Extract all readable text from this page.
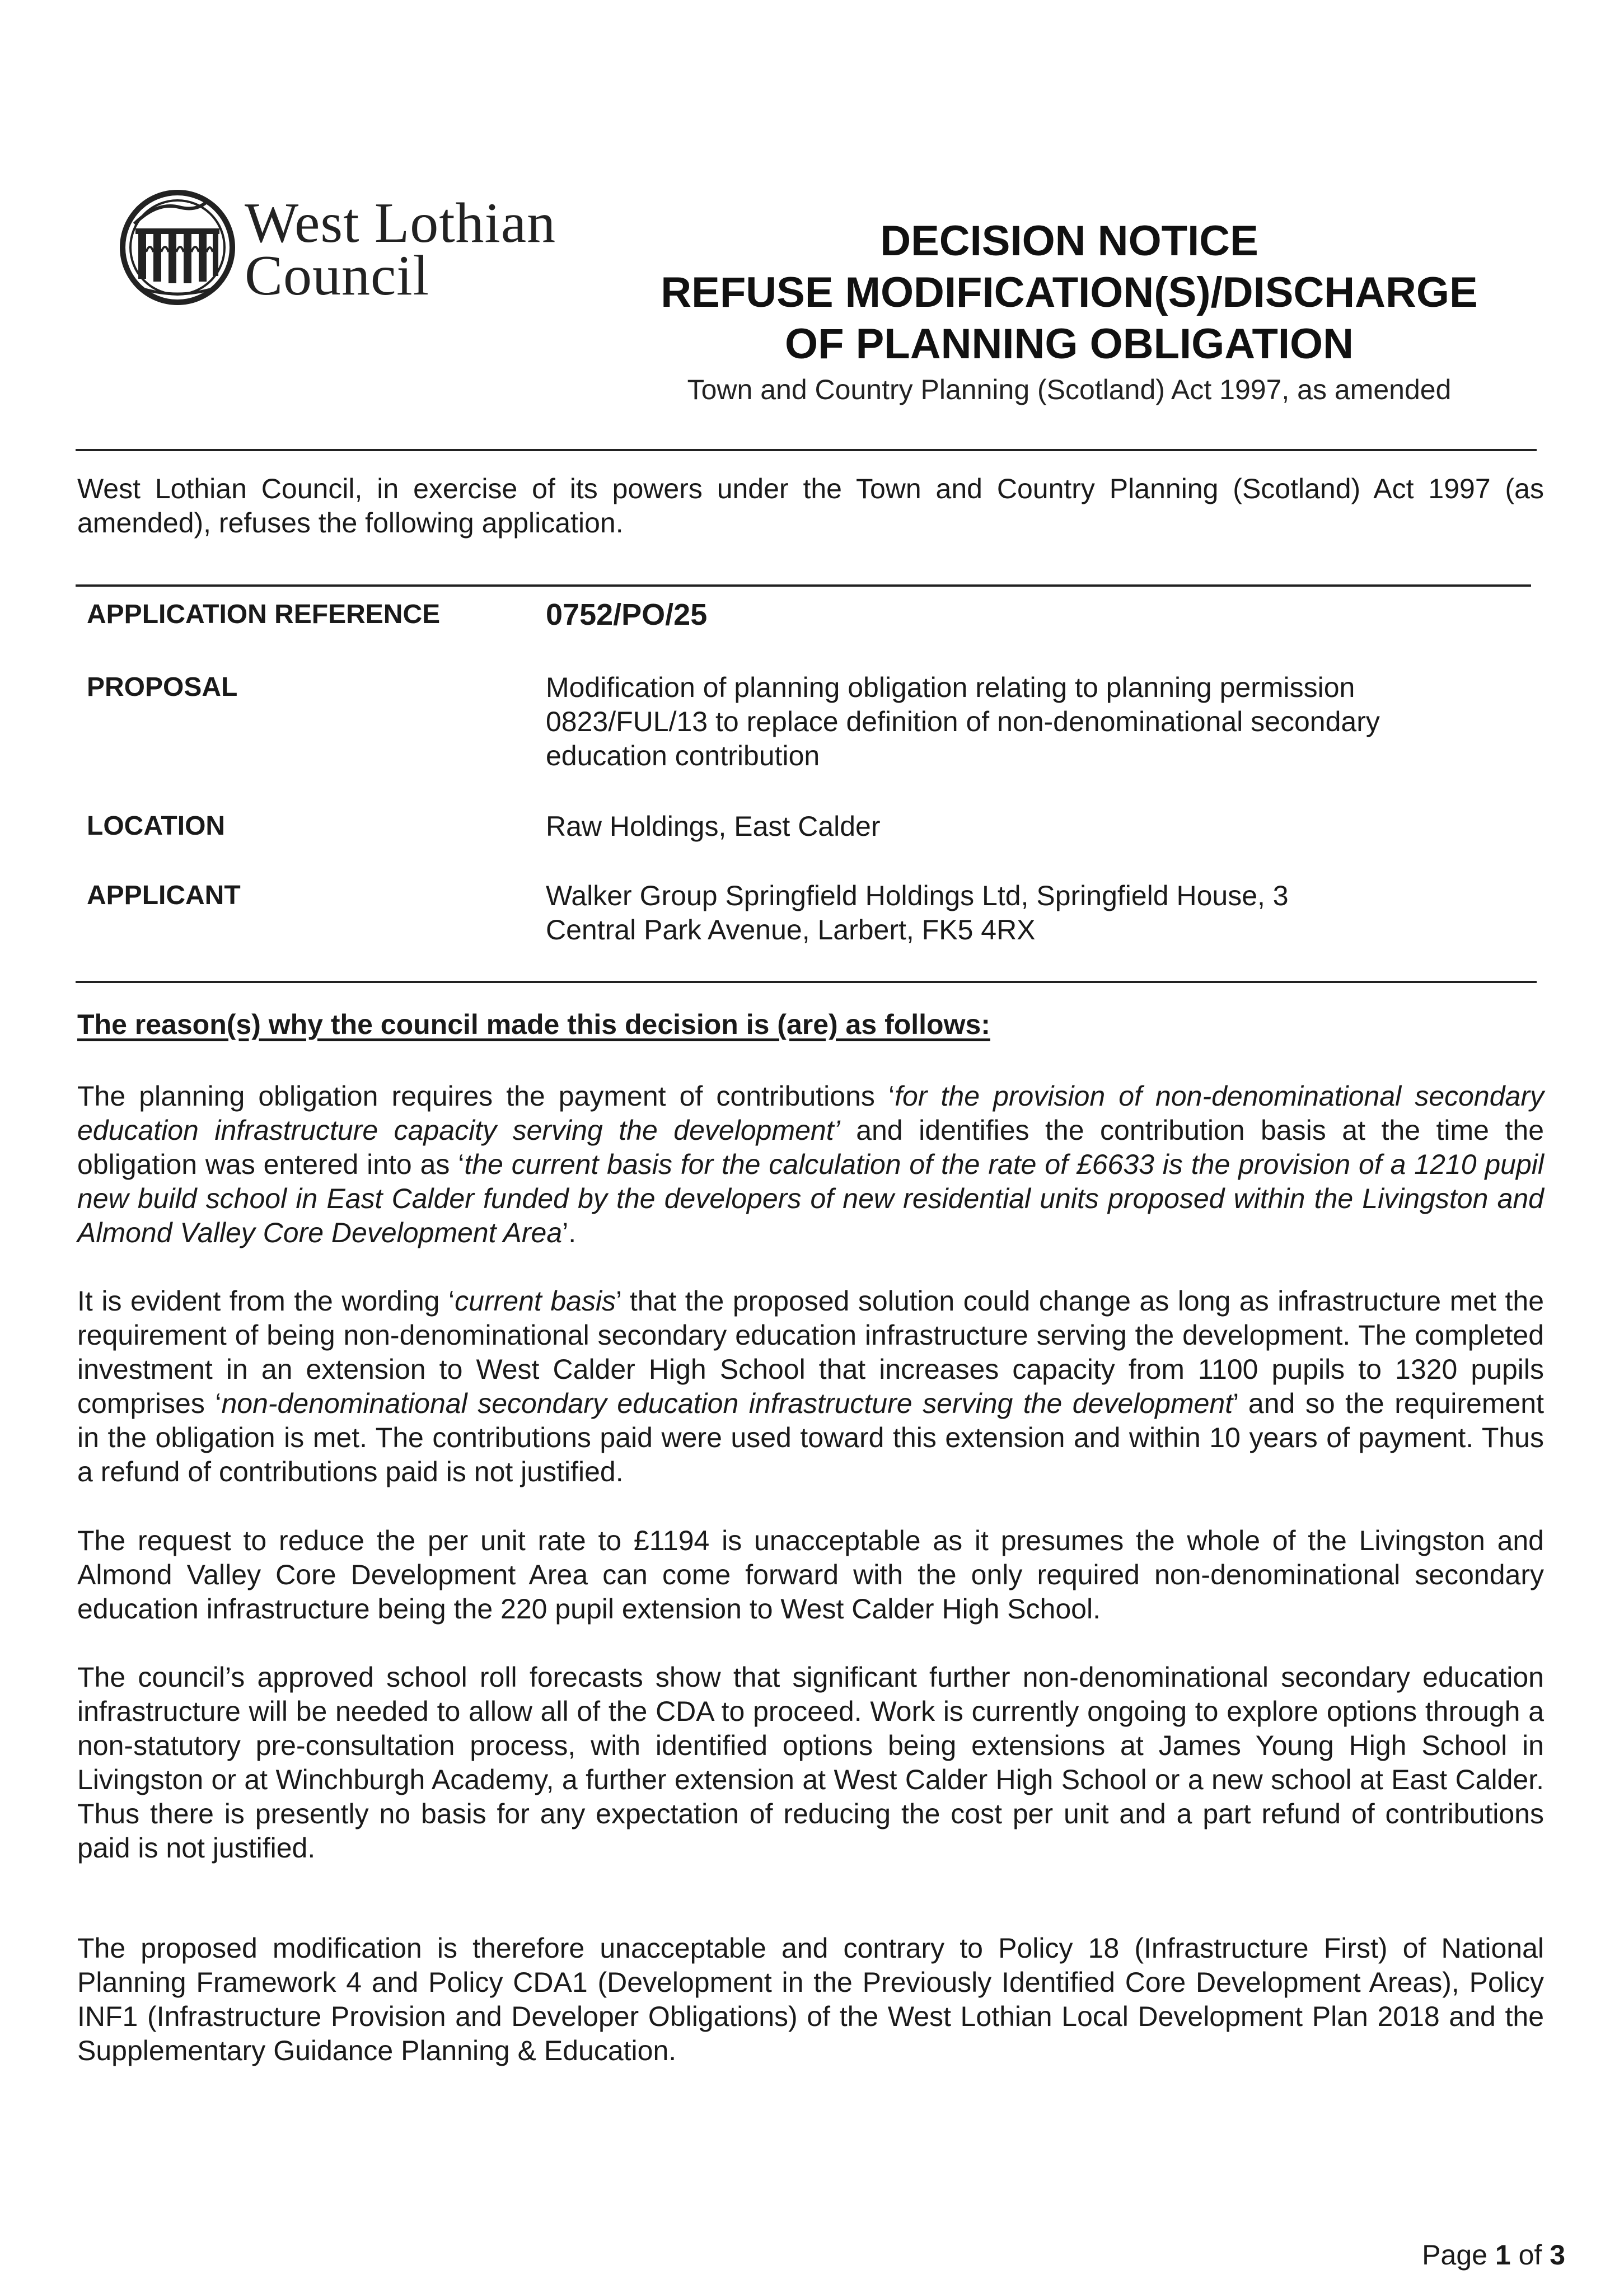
West Lothian
Council
DECISION NOTICE
REFUSE MODIFICATION(S)/DISCHARGE
OF PLANNING OBLIGATION
Town and Country Planning (Scotland) Act 1997, as amended
West Lothian Council, in exercise of its powers under the Town and Country Planning (Scotland) Act 1997 (as amended), refuses the following application.
APPLICATION REFERENCE	0752/PO/25
PROPOSAL	Modification of planning obligation relating to planning permission 0823/FUL/13 to replace definition of non-denominational secondary education contribution
LOCATION	Raw Holdings, East Calder
APPLICANT	Walker Group Springfield Holdings Ltd, Springfield House, 3
Central Park Avenue, Larbert, FK5 4RX
The reason(s) why the council made this decision is (are) as follows:
The planning obligation requires the payment of contributions ‘for the provision of non-denominational secondary education infrastructure capacity serving the development’ and identifies the contribution basis at the time the obligation was entered into as ‘the current basis for the calculation of the rate of £6633 is the provision of a 1210 pupil new build school in East Calder funded by the developers of new residential units proposed within the Livingston and Almond Valley Core Development Area’.
It is evident from the wording ‘current basis’ that the proposed solution could change as long as infrastructure met the requirement of being non-denominational secondary education infrastructure serving the development. The completed investment in an extension to West Calder High School that increases capacity from 1100 pupils to 1320 pupils comprises ‘non-denominational secondary education infrastructure serving the development’ and so the requirement in the obligation is met. The contributions paid were used toward this extension and within 10 years of payment. Thus a refund of contributions paid is not justified.
The request to reduce the per unit rate to £1194 is unacceptable as it presumes the whole of the Livingston and Almond Valley Core Development Area can come forward with the only required non-denominational secondary education infrastructure being the 220 pupil extension to West Calder High School.
The council’s approved school roll forecasts show that significant further non-denominational secondary education infrastructure will be needed to allow all of the CDA to proceed. Work is currently ongoing to explore options through a non-statutory pre-consultation process, with identified options being extensions at James Young High School in Livingston or at Winchburgh Academy, a further extension at West Calder High School or a new school at East Calder. Thus there is presently no basis for any expectation of reducing the cost per unit and a part refund of contributions paid is not justified.
The proposed modification is therefore unacceptable and contrary to Policy 18 (Infrastructure First) of National Planning Framework 4 and Policy CDA1 (Development in the Previously Identified Core Development Areas), Policy INF1 (Infrastructure Provision and Developer Obligations) of the West Lothian Local Development Plan 2018 and the Supplementary Guidance Planning & Education.
Page 1 of 3
